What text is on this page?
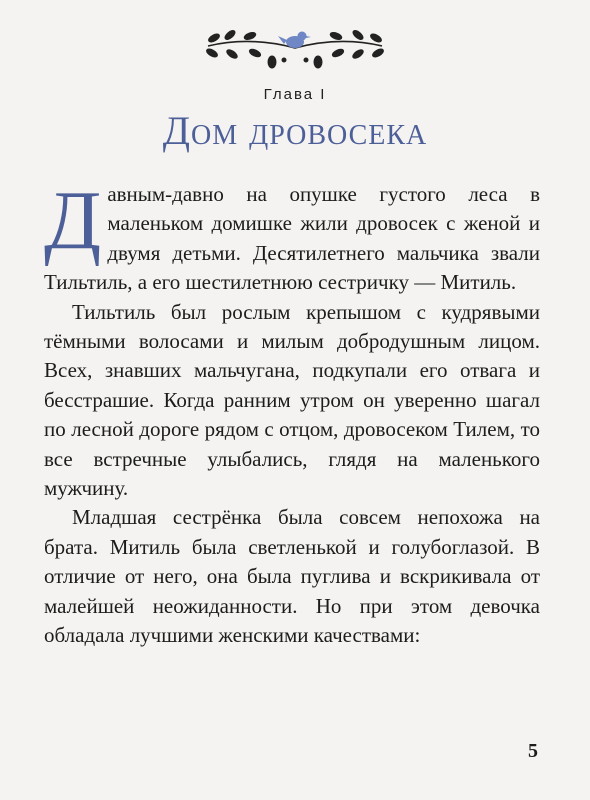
Глава I
Дом дровосека

Давным-давно на опушке густого леса в маленьком домишке жили дровосек с женой и двумя детьми. Десятилетнего мальчика звали Тильтиль, а его шестилетнюю сестричку — Митиль.

Тильтиль был рослым крепышом с кудрявыми тёмными волосами и милым добродушным лицом. Всех, знавших мальчугана, подкупали его отвага и бесстрашие. Когда ранним утром он уверенно шагал по лесной дороге рядом с отцом, дровосеком Тилем, то все встречные улыбались, глядя на маленького мужчину.

Младшая сестрёнка была совсем непохожа на брата. Митиль была светленькой и голубоглазой. В отличие от него, она была пуглива и вскрикивала от малейшей неожиданности. Но при этом девочка обладала лучшими женскими качествами:

5
